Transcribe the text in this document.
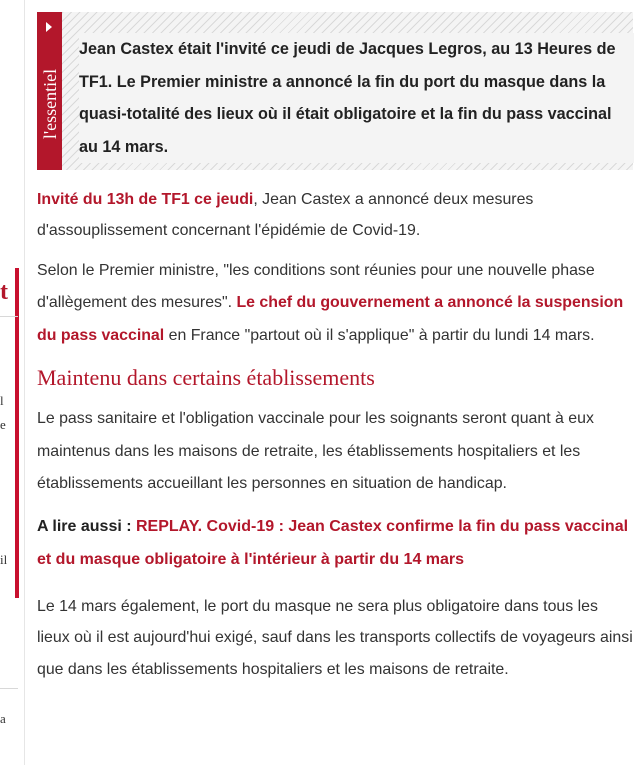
t
l
e
il
a
l'essentiel
Jean Castex était l'invité ce jeudi de Jacques Legros, au 13 Heures de TF1. Le Premier ministre a annoncé la fin du port du masque dans la quasi-totalité des lieux où il était obligatoire et la fin du pass vaccinal au 14 mars.

Invité du 13h de TF1 ce jeudi, Jean Castex a annoncé deux mesures d'assouplissement concernant l'épidémie de Covid-19.

Selon le Premier ministre, "les conditions sont réunies pour une nouvelle phase d'allègement des mesures". Le chef du gouvernement a annoncé la suspension du pass vaccinal en France "partout où il s'applique" à partir du lundi 14 mars.

Maintenu dans certains établissements

Le pass sanitaire et l'obligation vaccinale pour les soignants seront quant à eux maintenus dans les maisons de retraite, les établissements hospitaliers et les établissements accueillant les personnes en situation de handicap.

A lire aussi : REPLAY. Covid-19 : Jean Castex confirme la fin du pass vaccinal et du masque obligatoire à l'intérieur à partir du 14 mars

Le 14 mars également, le port du masque ne sera plus obligatoire dans tous les lieux où il est aujourd'hui exigé, sauf dans les transports collectifs de voyageurs ainsi que dans les établissements hospitaliers et les maisons de retraite.
